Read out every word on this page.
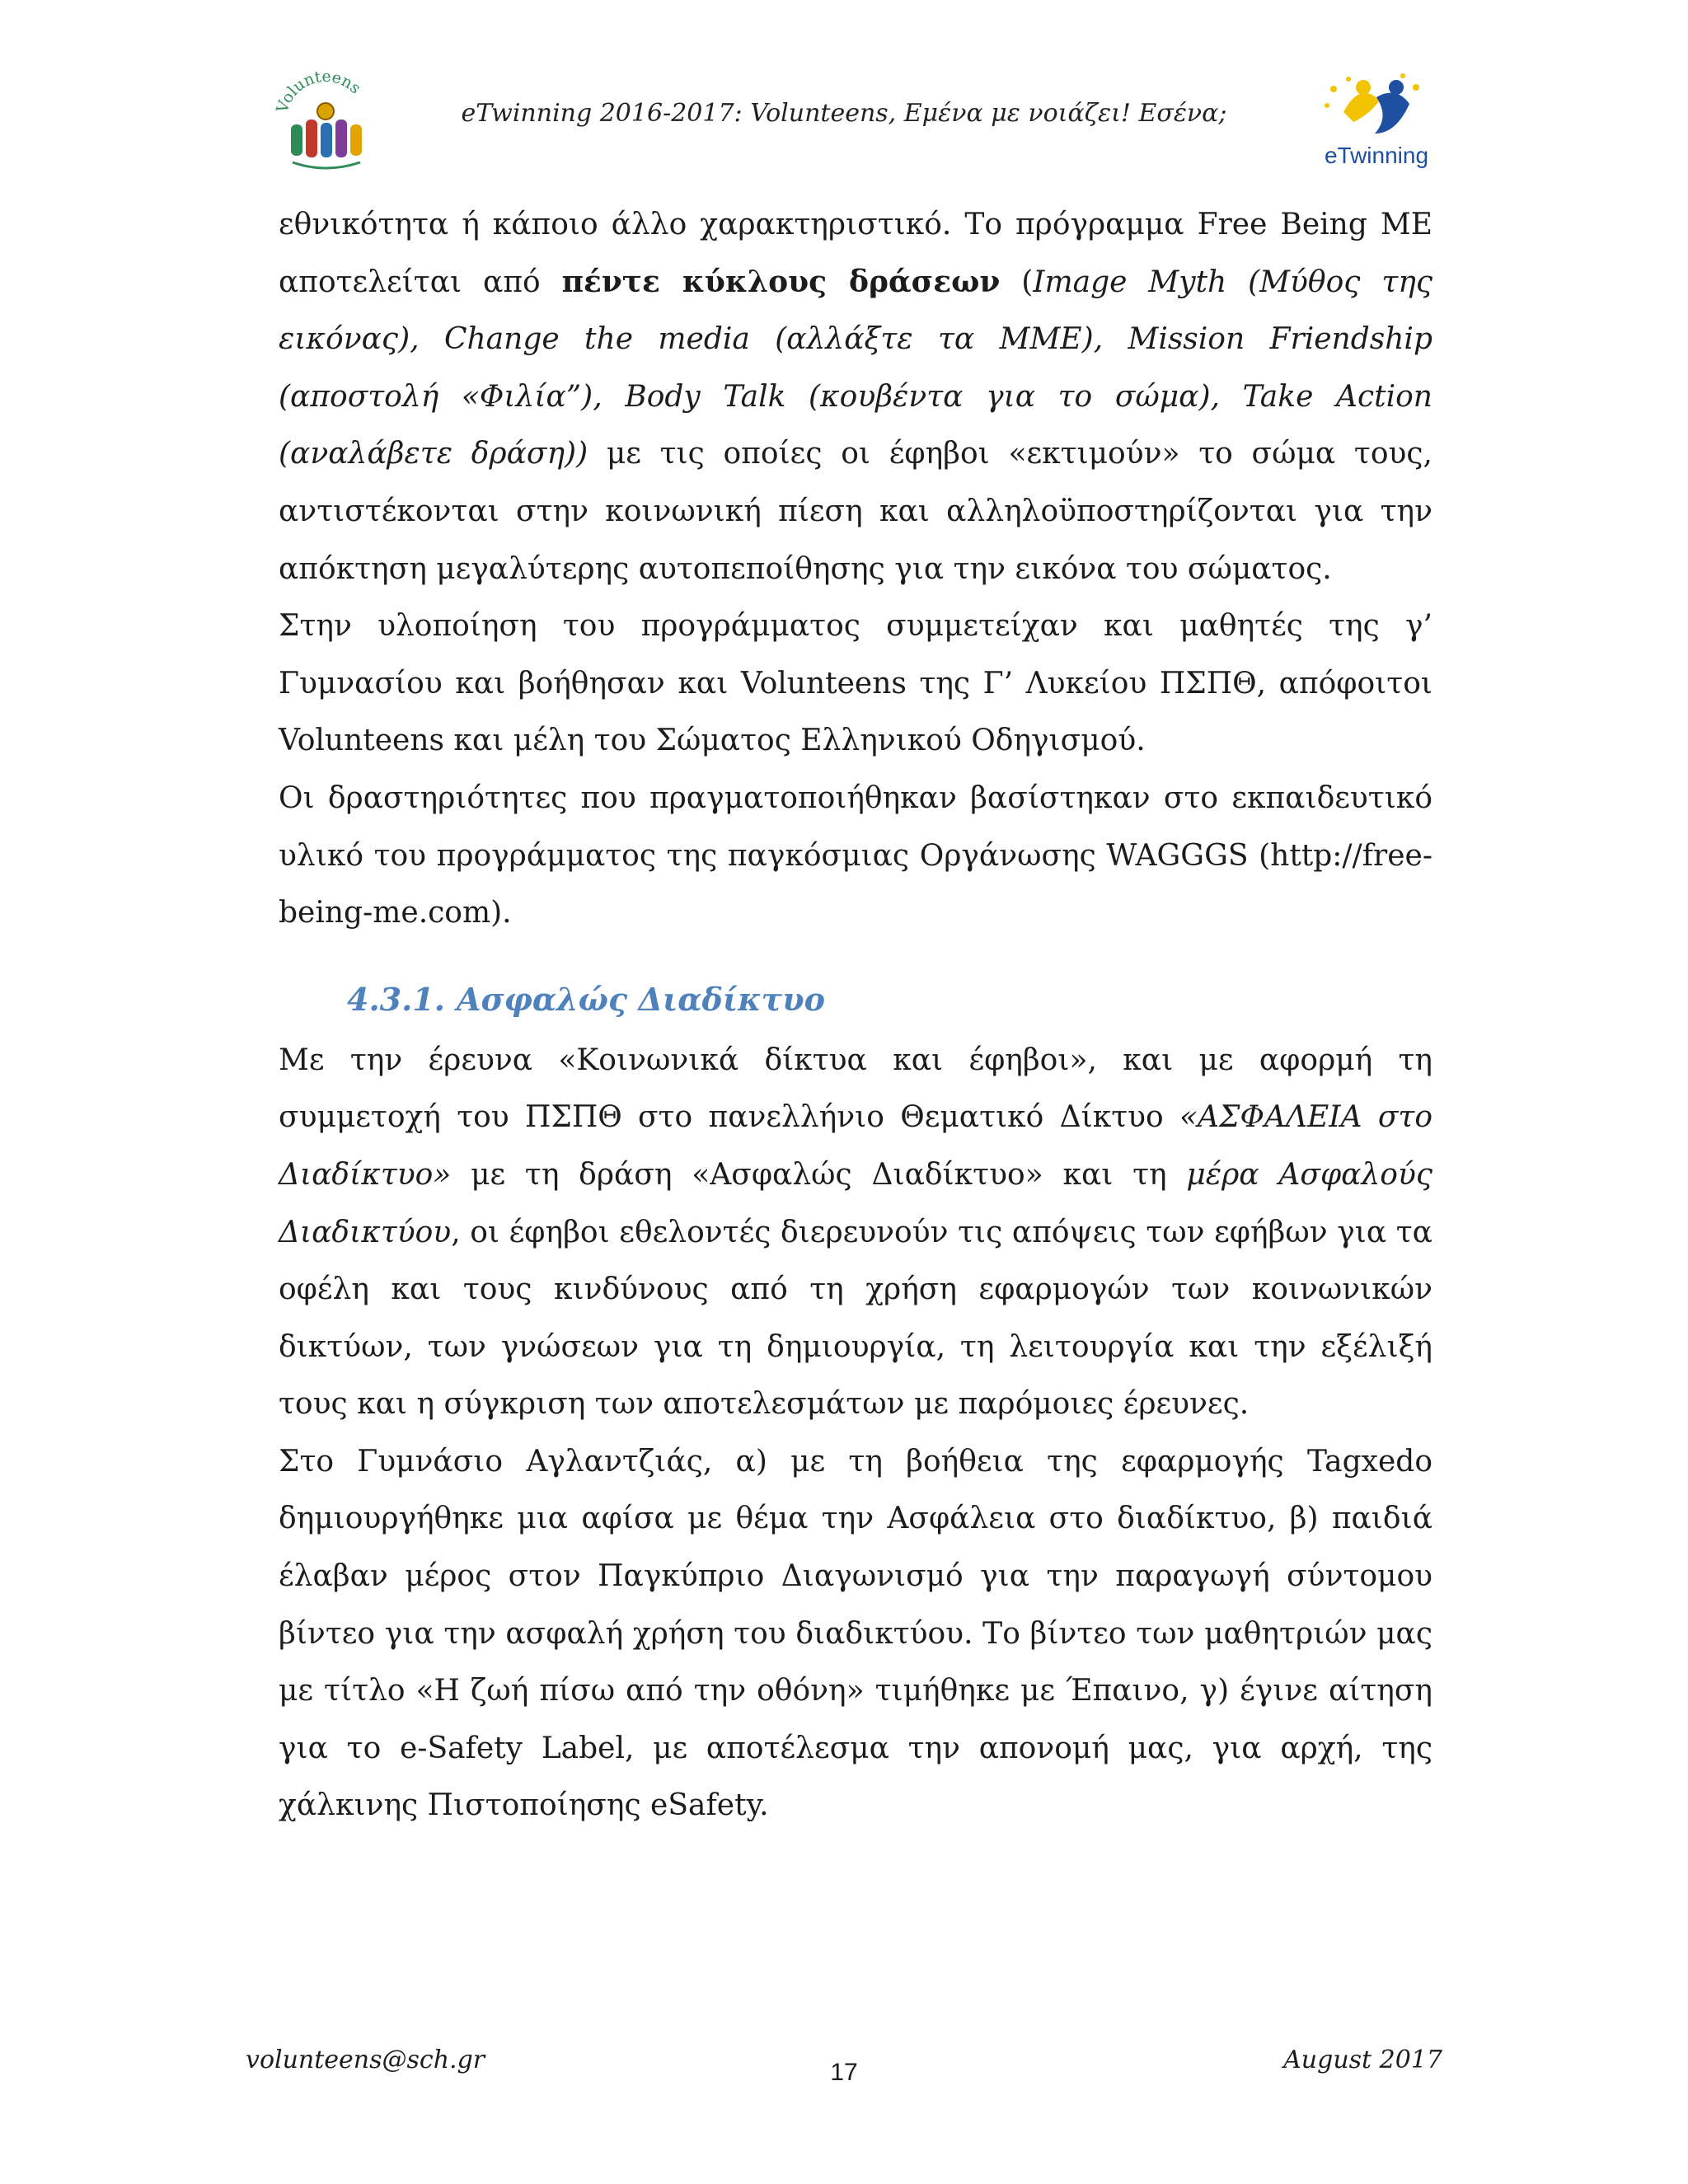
Volunteens
eTwinning 2016-2017: Volunteens, Εμένα με νοιάζει! Εσένα;
eTwinning

εθνικότητα ή κάποιο άλλο χαρακτηριστικό. Το πρόγραμμα Free Being ME αποτελείται από πέντε κύκλους δράσεων (Image Myth (Μύθος της εικόνας), Change the media (αλλάξτε τα ΜΜΕ), Mission Friendship (αποστολή «Φιλία”), Body Talk (κουβέντα για το σώμα), Take Action (αναλάβετε δράση)) με τις οποίες οι έφηβοι «εκτιμούν» το σώμα τους, αντιστέκονται στην κοινωνική πίεση και αλληλοϋποστηρίζονται για την απόκτηση μεγαλύτερης αυτοπεποίθησης για την εικόνα του σώματος.

Στην υλοποίηση του προγράμματος συμμετείχαν και μαθητές της γ’ Γυμνασίου και βοήθησαν και Volunteens της Γ’ Λυκείου ΠΣΠΘ, απόφοιτοι Volunteens και μέλη του Σώματος Ελληνικού Οδηγισμού.

Οι δραστηριότητες που πραγματοποιήθηκαν βασίστηκαν στο εκπαιδευτικό υλικό του προγράμματος της παγκόσμιας Οργάνωσης WAGGGS (http://free-being-me.com).

4.3.1. Ασφαλώς Διαδίκτυο

Με την έρευνα «Κοινωνικά δίκτυα και έφηβοι», και με αφορμή τη συμμετοχή του ΠΣΠΘ στο πανελλήνιο Θεματικό Δίκτυο «ΑΣΦΑΛΕΙΑ στο Διαδίκτυο» με τη δράση «Ασφαλώς Διαδίκτυο» και τη μέρα Ασφαλούς Διαδικτύου, οι έφηβοι εθελοντές διερευνούν τις απόψεις των εφήβων για τα οφέλη και τους κινδύνους από τη χρήση εφαρμογών των κοινωνικών δικτύων, των γνώσεων για τη δημιουργία, τη λειτουργία και την εξέλιξή τους και η σύγκριση των αποτελεσμάτων με παρόμοιες έρευνες.

Στο Γυμνάσιο Αγλαντζιάς, α) με τη βοήθεια της εφαρμογής Tagxedo δημιουργήθηκε μια αφίσα με θέμα την Ασφάλεια στο διαδίκτυο, β) παιδιά έλαβαν μέρος στον Παγκύπριο Διαγωνισμό για την παραγωγή σύντομου βίντεο για την ασφαλή χρήση του διαδικτύου. Το βίντεο των μαθητριών μας με τίτλο «Η ζωή πίσω από την οθόνη» τιμήθηκε με Έπαινο, γ) έγινε αίτηση για το e-Safety Label, με αποτέλεσμα την απονομή μας, για αρχή, της χάλκινης Πιστοποίησης eSafety.

volunteens@sch.gr	17	August 2017
